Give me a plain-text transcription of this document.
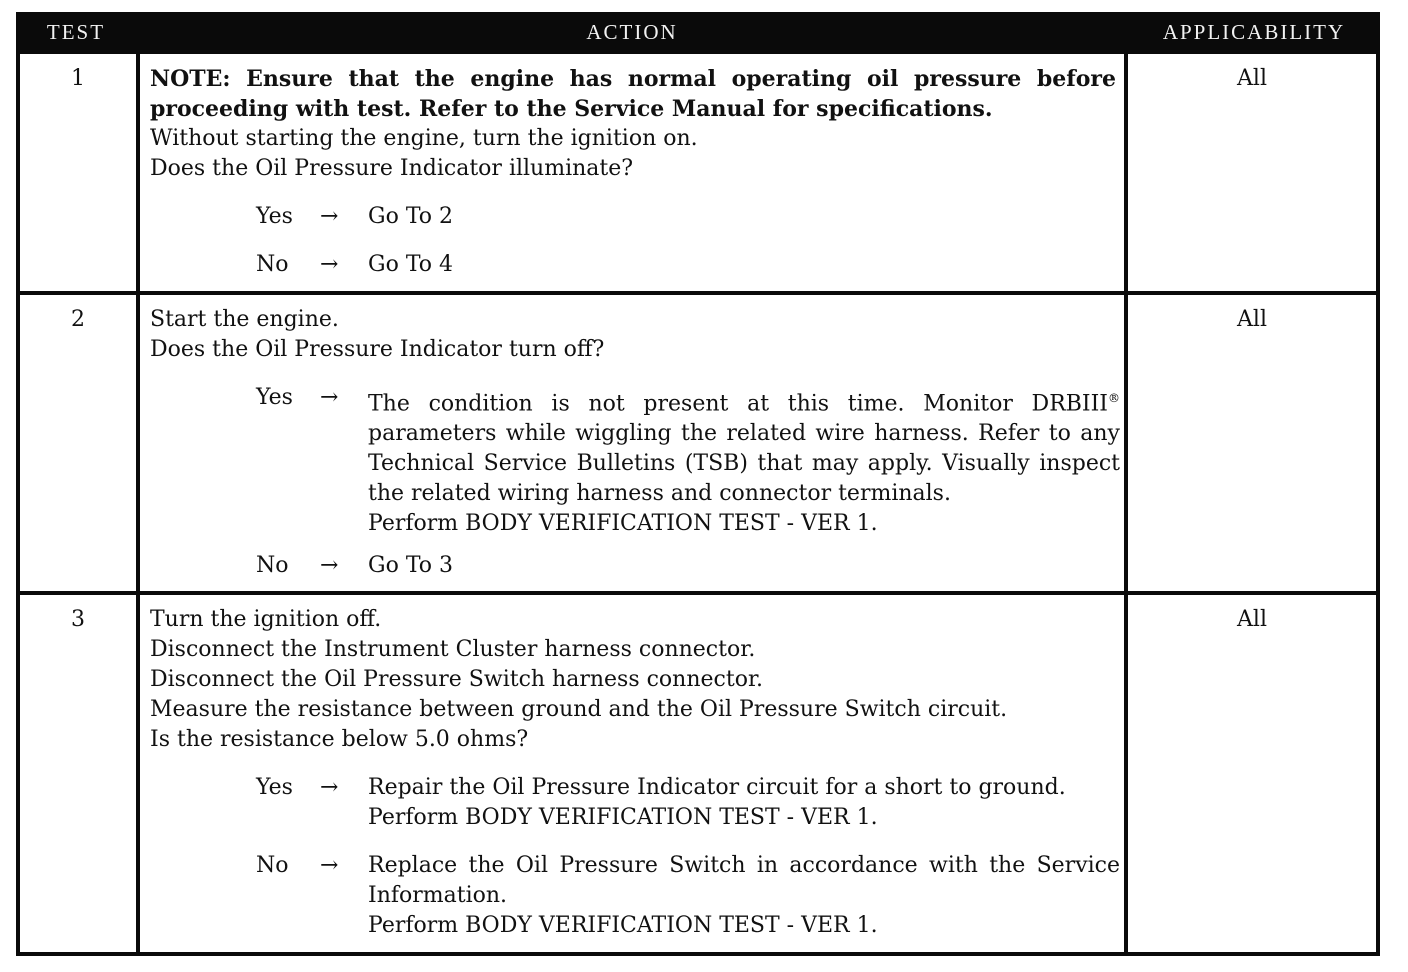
TEST	ACTION	APPLICABILITY
1	NOTE: Ensure that the engine has normal operating oil pressure before proceeding with test. Refer to the Service Manual for specifications.

Without starting the engine, turn the ignition on.

Does the Oil Pressure Indicator illuminate?

Yes → Go To 2
No → Go To 4
All
2	Start the engine.

Does the Oil Pressure Indicator turn off?

Yes → The condition is not present at this time. Monitor DRBIII® parameters while wiggling the related wire harness. Refer to any Technical Service Bulletins (TSB) that may apply. Visually inspect the related wiring harness and connector terminals.
Perform BODY VERIFICATION TEST - VER 1.
No → Go To 3
All
3	Turn the ignition off.

Disconnect the Instrument Cluster harness connector.

Disconnect the Oil Pressure Switch harness connector.

Measure the resistance between ground and the Oil Pressure Switch circuit.

Is the resistance below 5.0 ohms?

Yes → Repair the Oil Pressure Indicator circuit for a short to ground.
Perform BODY VERIFICATION TEST - VER 1.
No → Replace the Oil Pressure Switch in accordance with the Service Information.
Perform BODY VERIFICATION TEST - VER 1.
All
